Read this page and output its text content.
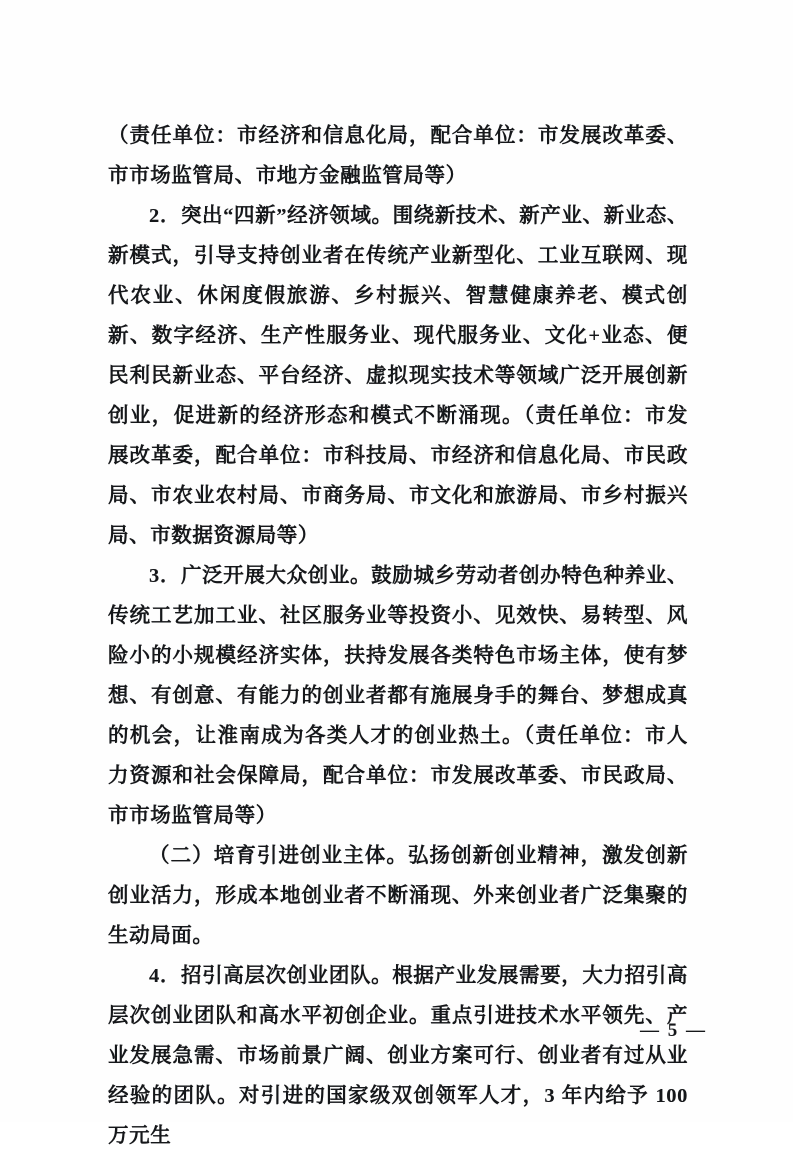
（责任单位：市经济和信息化局，配合单位：市发展改革委、市市场监管局、市地方金融监管局等）

2．突出“四新”经济领域。围绕新技术、新产业、新业态、新模式，引导支持创业者在传统产业新型化、工业互联网、现代农业、休闲度假旅游、乡村振兴、智慧健康养老、模式创新、数字经济、生产性服务业、现代服务业、文化+业态、便民利民新业态、平台经济、虚拟现实技术等领域广泛开展创新创业，促进新的经济形态和模式不断涌现。（责任单位：市发展改革委，配合单位：市科技局、市经济和信息化局、市民政局、市农业农村局、市商务局、市文化和旅游局、市乡村振兴局、市数据资源局等）

3．广泛开展大众创业。鼓励城乡劳动者创办特色种养业、传统工艺加工业、社区服务业等投资小、见效快、易转型、风险小的小规模经济实体，扶持发展各类特色市场主体，使有梦想、有创意、有能力的创业者都有施展身手的舞台、梦想成真的机会，让淮南成为各类人才的创业热土。（责任单位：市人力资源和社会保障局，配合单位：市发展改革委、市民政局、市市场监管局等）

（二）培育引进创业主体。弘扬创新创业精神，激发创新创业活力，形成本地创业者不断涌现、外来创业者广泛集聚的生动局面。

4．招引高层次创业团队。根据产业发展需要，大力招引高层次创业团队和高水平初创企业。重点引进技术水平领先、产业发展急需、市场前景广阔、创业方案可行、创业者有过从业经验的团队。对引进的国家级双创领军人才，3 年内给予 100 万元生

— 5 —
